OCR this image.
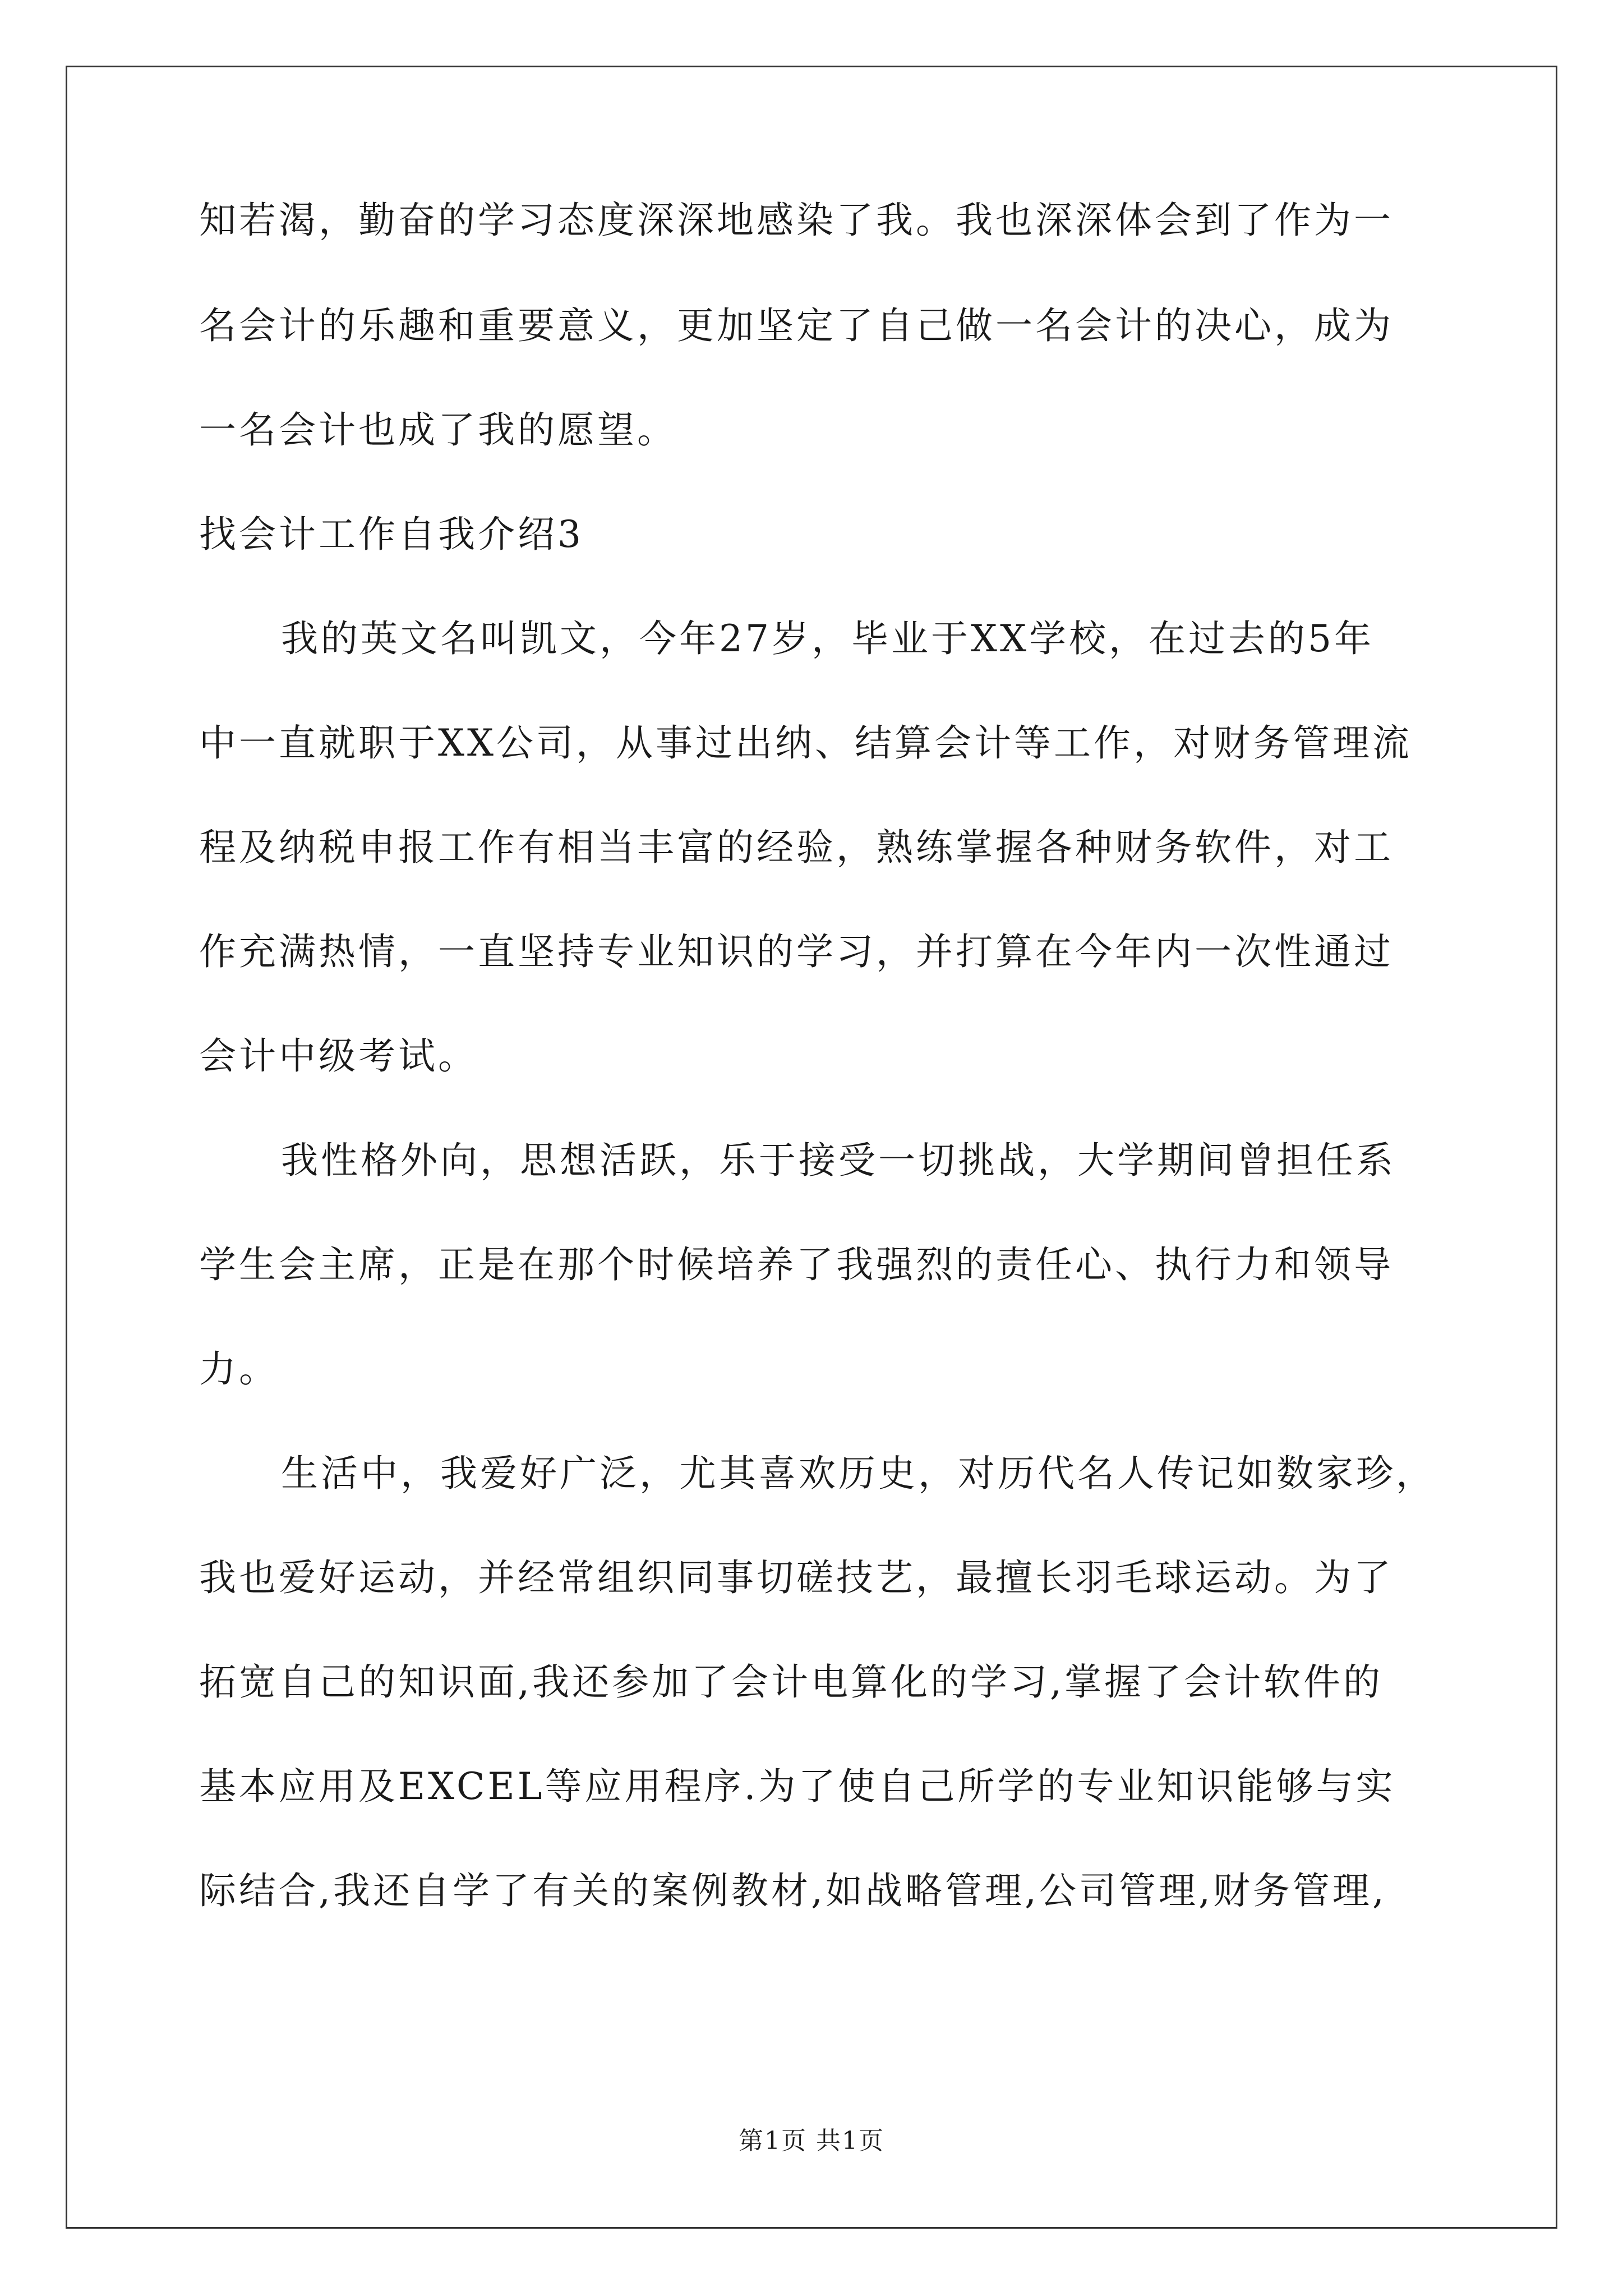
知若渴，勤奋的学习态度深深地感染了我。我也深深体会到了作为一
名会计的乐趣和重要意义，更加坚定了自己做一名会计的决心，成为
一名会计也成了我的愿望。
找会计工作自我介绍3
我的英文名叫凯文，今年27岁，毕业于XX学校，在过去的5年
中一直就职于XX公司，从事过出纳、结算会计等工作，对财务管理流
程及纳税申报工作有相当丰富的经验，熟练掌握各种财务软件，对工
作充满热情，一直坚持专业知识的学习，并打算在今年内一次性通过
会计中级考试。
我性格外向，思想活跃，乐于接受一切挑战，大学期间曾担任系
学生会主席，正是在那个时候培养了我强烈的责任心、执行力和领导
力。
生活中，我爱好广泛，尤其喜欢历史，对历代名人传记如数家珍，
我也爱好运动，并经常组织同事切磋技艺，最擅长羽毛球运动。为了
拓宽自己的知识面,我还参加了会计电算化的学习,掌握了会计软件的
基本应用及EXCEL等应用程序.为了使自己所学的专业知识能够与实
际结合,我还自学了有关的案例教材,如战略管理,公司管理,财务管理,
第1页 共1页
